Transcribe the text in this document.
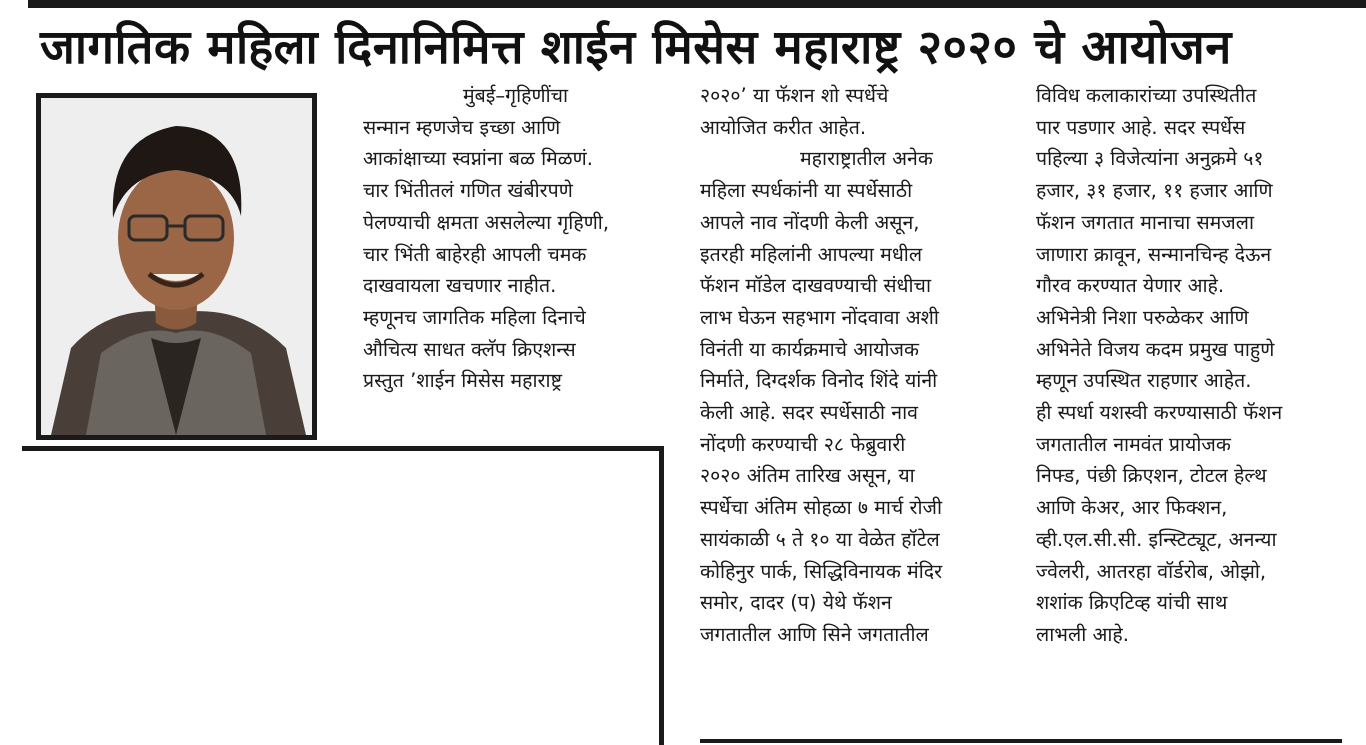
जागतिक महिला दिनानिमित्त शाईन मिसेस महाराष्ट्र २०२० चे आयोजन
मुंबई–गृहिणींचा
सन्मान म्हणजेच इच्छा आणि
आकांक्षाच्या स्वप्नांना बळ मिळणं.
चार भिंतीतलं गणित खंबीरपणे
पेलण्याची क्षमता असलेल्या गृहिणी,
चार भिंती बाहेरही आपली चमक
दाखवायला खचणार नाहीत.
म्हणूनच जागतिक महिला दिनाचे
औचित्य साधत क्लॅप क्रिएशन्स
प्रस्तुत ’शाईन मिसेस महाराष्ट्र
२०२०’ या फॅशन शो स्पर्धेचे
आयोजित करीत आहेत.
महाराष्ट्रातील अनेक
महिला स्पर्धकांनी या स्पर्धेसाठी
आपले नाव नोंदणी केली असून,
इतरही महिलांनी आपल्या मधील
फॅशन मॉडेल दाखवण्याची संधीचा
लाभ घेऊन सहभाग नोंदवावा अशी
विनंती या कार्यक्रमाचे आयोजक
निर्माते, दिग्दर्शक विनोद शिंदे यांनी
केली आहे. सदर स्पर्धेसाठी नाव
नोंदणी करण्याची २८ फेब्रुवारी
२०२० अंतिम तारिख असून, या
स्पर्धेचा अंतिम सोहळा ७ मार्च रोजी
सायंकाळी ५ ते १० या वेळेत हॉटेल
कोहिनुर पार्क, सिद्धिविनायक मंदिर
समोर, दादर (प) येथे फॅशन
जगतातील आणि सिने जगतातील
विविध कलाकारांच्या उपस्थितीत
पार पडणार आहे. सदर स्पर्धेस
पहिल्या ३ विजेत्यांना अनुक्रमे ५१
हजार, ३१ हजार, ११ हजार आणि
फॅशन जगतात मानाचा समजला
जाणारा क्रावून, सन्मानचिन्ह देऊन
गौरव करण्यात येणार आहे.
अभिनेत्री निशा परुळेकर आणि
अभिनेते विजय कदम प्रमुख पाहुणे
म्हणून उपस्थित राहणार आहेत.
ही स्पर्धा यशस्वी करण्यासाठी फॅशन
जगतातील नामवंत प्रायोजक
निफ्ड, पंछी क्रिएशन, टोटल हेल्थ
आणि केअर, आर फिक्शन,
व्ही.एल.सी.सी. इन्स्टिट्यूट, अनन्या
ज्वेलरी, आतरहा वॉर्डरोब, ओझो,
शशांक क्रिएटिव्ह यांची साथ
लाभली आहे.
